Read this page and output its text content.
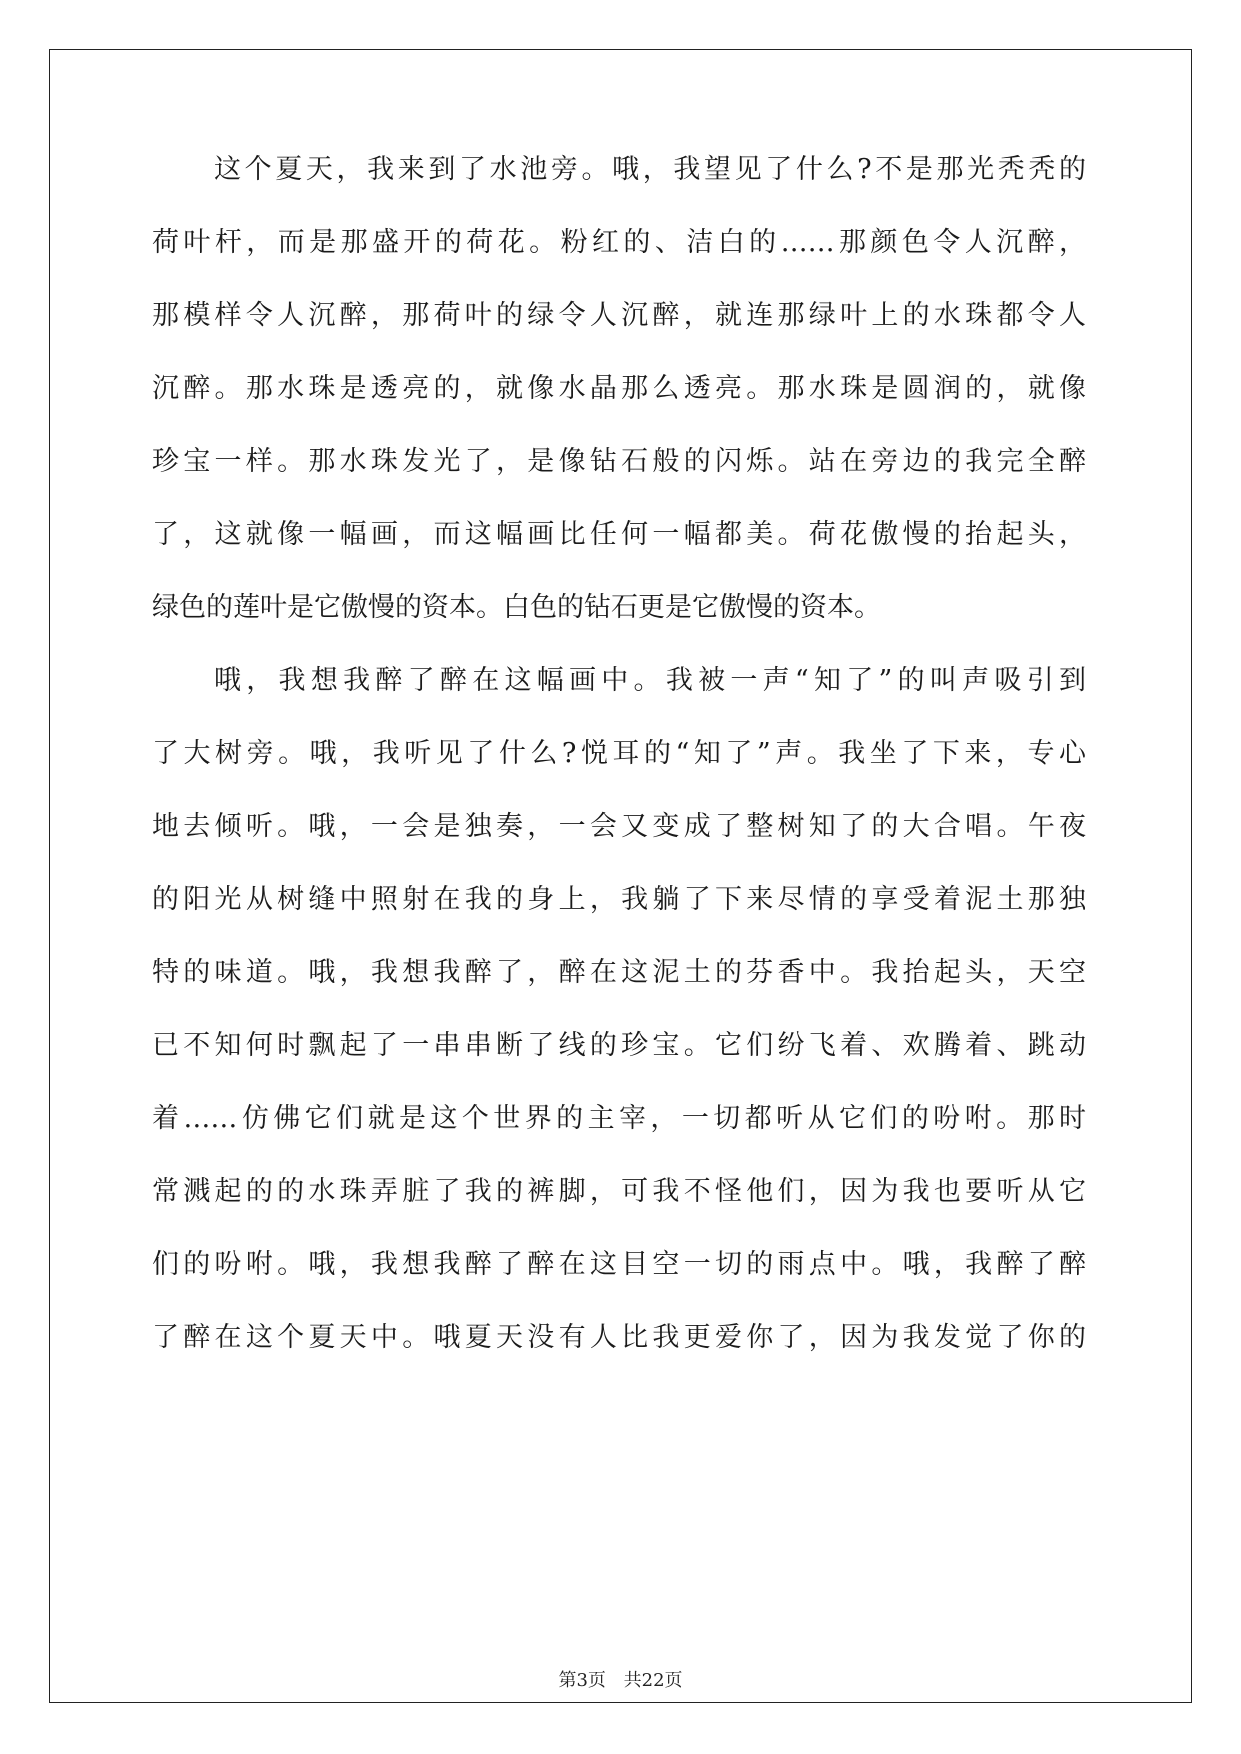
这个夏天，我来到了水池旁。哦，我望见了什么?不是那光秃秃的
荷叶杆，而是那盛开的荷花。粉红的、洁白的……那颜色令人沉醉，
那模样令人沉醉，那荷叶的绿令人沉醉，就连那绿叶上的水珠都令人
沉醉。那水珠是透亮的，就像水晶那么透亮。那水珠是圆润的，就像
珍宝一样。那水珠发光了，是像钻石般的闪烁。站在旁边的我完全醉
了，这就像一幅画，而这幅画比任何一幅都美。荷花傲慢的抬起头，
绿色的莲叶是它傲慢的资本。白色的钻石更是它傲慢的资本。
哦，我想我醉了醉在这幅画中。我被一声“知了”的叫声吸引到
了大树旁。哦，我听见了什么?悦耳的“知了”声。我坐了下来，专心
地去倾听。哦，一会是独奏，一会又变成了整树知了的大合唱。午夜
的阳光从树缝中照射在我的身上，我躺了下来尽情的享受着泥土那独
特的味道。哦，我想我醉了，醉在这泥土的芬香中。我抬起头，天空
已不知何时飘起了一串串断了线的珍宝。它们纷飞着、欢腾着、跳动
着……仿佛它们就是这个世界的主宰，一切都听从它们的吩咐。那时
常溅起的的水珠弄脏了我的裤脚，可我不怪他们，因为我也要听从它
们的吩咐。哦，我想我醉了醉在这目空一切的雨点中。哦，我醉了醉
了醉在这个夏天中。哦夏天没有人比我更爱你了，因为我发觉了你的
第3页 共22页
